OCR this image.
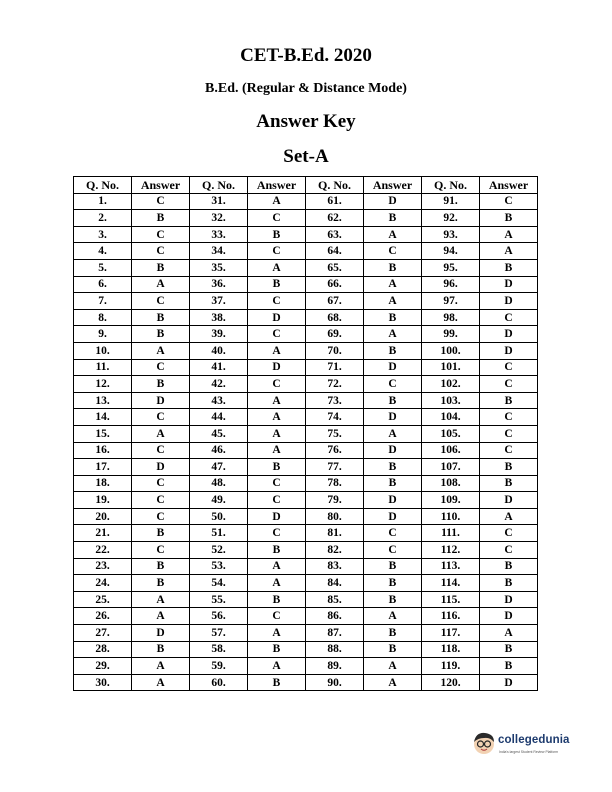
CET-B.Ed. 2020
B.Ed. (Regular & Distance Mode)
Answer Key
Set-A
Q. No.	Answer	Q. No.	Answer	Q. No.	Answer	Q. No.	Answer
1.	C	31.	A	61.	D	91.	C
2.	B	32.	C	62.	B	92.	B
3.	C	33.	B	63.	A	93.	A
4.	C	34.	C	64.	C	94.	A
5.	B	35.	A	65.	B	95.	B
6.	A	36.	B	66.	A	96.	D
7.	C	37.	C	67.	A	97.	D
8.	B	38.	D	68.	B	98.	C
9.	B	39.	C	69.	A	99.	D
10.	A	40.	A	70.	B	100.	D
11.	C	41.	D	71.	D	101.	C
12.	B	42.	C	72.	C	102.	C
13.	D	43.	A	73.	B	103.	B
14.	C	44.	A	74.	D	104.	C
15.	A	45.	A	75.	A	105.	C
16.	C	46.	A	76.	D	106.	C
17.	D	47.	B	77.	B	107.	B
18.	C	48.	C	78.	B	108.	B
19.	C	49.	C	79.	D	109.	D
20.	C	50.	D	80.	D	110.	A
21.	B	51.	C	81.	C	111.	C
22.	C	52.	B	82.	C	112.	C
23.	B	53.	A	83.	B	113.	B
24.	B	54.	A	84.	B	114.	B
25.	A	55.	B	85.	B	115.	D
26.	A	56.	C	86.	A	116.	D
27.	D	57.	A	87.	B	117.	A
28.	B	58.	B	88.	B	118.	B
29.	A	59.	A	89.	A	119.	B
30.	A	60.	B	90.	A	120.	D
collegedunia
India's largest Student Review Platform
